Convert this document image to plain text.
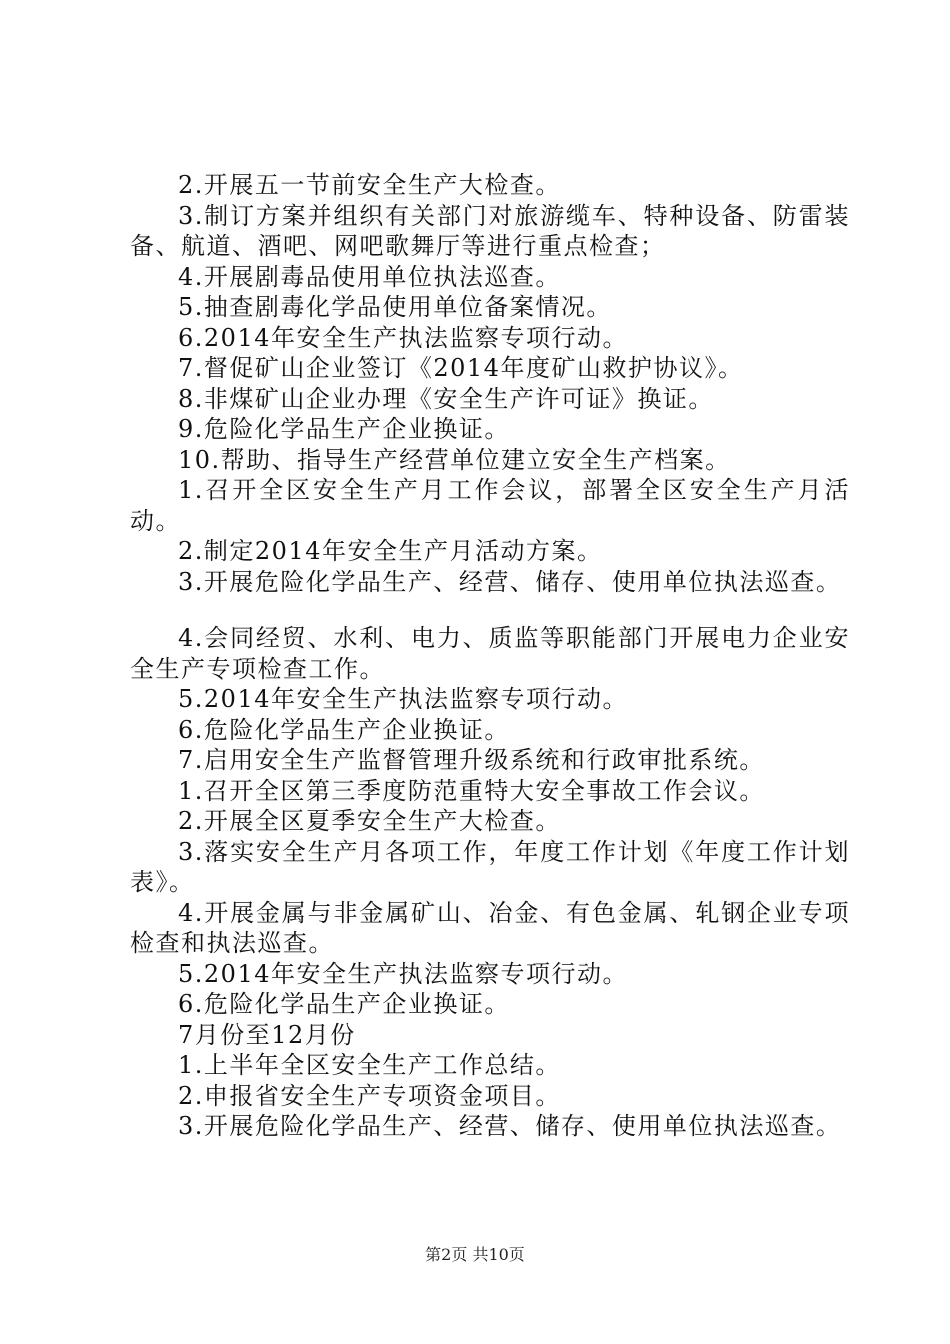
2.开展五一节前安全生产大检查。

3.制订方案并组织有关部门对旅游缆车、特种设备、防雷装备、航道、酒吧、网吧歌舞厅等进行重点检查；

4.开展剧毒品使用单位执法巡查。

5.抽查剧毒化学品使用单位备案情况。

6.2014年安全生产执法监察专项行动。

7.督促矿山企业签订《2014年度矿山救护协议》。

8.非煤矿山企业办理《安全生产许可证》换证。

9.危险化学品生产企业换证。

10.帮助、指导生产经营单位建立安全生产档案。

1.召开全区安全生产月工作会议，部署全区安全生产月活动。

2.制定2014年安全生产月活动方案。

3.开展危险化学品生产、经营、储存、使用单位执法巡查。

4.会同经贸、水利、电力、质监等职能部门开展电力企业安全生产专项检查工作。

5.2014年安全生产执法监察专项行动。

6.危险化学品生产企业换证。

7.启用安全生产监督管理升级系统和行政审批系统。

1.召开全区第三季度防范重特大安全事故工作会议。

2.开展全区夏季安全生产大检查。

3.落实安全生产月各项工作，年度工作计划《年度工作计划表》。

4.开展金属与非金属矿山、冶金、有色金属、轧钢企业专项检查和执法巡查。

5.2014年安全生产执法监察专项行动。

6.危险化学品生产企业换证。

7月份至12月份

1.上半年全区安全生产工作总结。

2.申报省安全生产专项资金项目。

3.开展危险化学品生产、经营、储存、使用单位执法巡查。

第2页 共10页
